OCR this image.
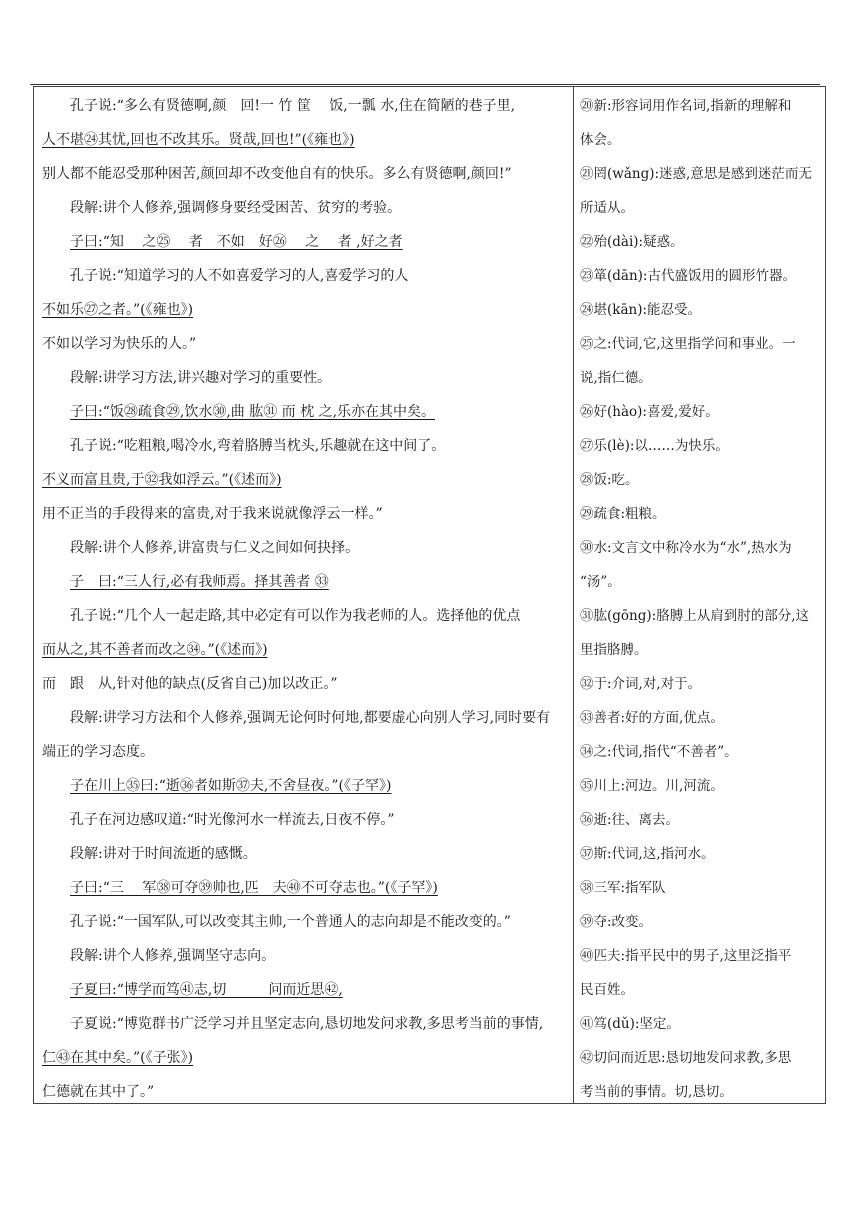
孔子说:“多么有贤德啊,颜　回!一 竹 筐　 饭,一瓢 水,住在简陋的巷子里,
人不堪㉔其忧,回也不改其乐。贤哉,回也!”(《雍也》)
别人都不能忍受那种困苦,颜回却不改变他自有的快乐。多么有贤德啊,颜回!”
段解:讲个人修养,强调修身要经受困苦、贫穷的考验。
子曰:“知　 之㉕　 者　不如　好㉖　 之　 者 ,好之者
孔子说:“知道学习的人不如喜爱学习的人,喜爱学习的人
不如乐㉗之者。”(《雍也》)
不如以学习为快乐的人。”
段解:讲学习方法,讲兴趣对学习的重要性。
子曰:“饭㉘疏食㉙,饮水㉚,曲 肱㉛ 而 枕 之,乐亦在其中矣。
孔子说:“吃粗粮,喝冷水,弯着胳膊当枕头,乐趣就在这中间了。
不义而富且贵,于㉜我如浮云。”(《述而》)
用不正当的手段得来的富贵,对于我来说就像浮云一样。”
段解:讲个人修养,讲富贵与仁义之间如何抉择。
子　曰:“三人行,必有我师焉。择其善者 ㉝
孔子说:“几个人一起走路,其中必定有可以作为我老师的人。选择他的优点
而从之,其不善者而改之㉞。”(《述而》)
而　跟　从,针对他的缺点(反省自己)加以改正。”
段解:讲学习方法和个人修养,强调无论何时何地,都要虚心向别人学习,同时要有
端正的学习态度。
子在川上㉟曰:“逝㊱者如斯㊲夫,不舍昼夜。”(《子罕》)
孔子在河边感叹道:“时光像河水一样流去,日夜不停。”
段解:讲对于时间流逝的感慨。
子曰:“三　 军㊳可夺㊴帅也,匹　夫㊵不可夺志也。”(《子罕》)
孔子说:“一国军队,可以改变其主帅,一个普通人的志向却是不能改变的。”
段解:讲个人修养,强调坚守志向。
子夏曰:“博学而笃㊶志,切　　　问而近思㊷,
子夏说:“博览群书广泛学习并且坚定志向,恳切地发问求教,多思考当前的事情,
仁㊸在其中矣。”(《子张》)
仁德就在其中了。”
⑳新:形容词用作名词,指新的理解和
体会。
㉑罔(wǎng):迷惑,意思是感到迷茫而无
所适从。
㉒殆(dài):疑惑。
㉓箪(dān):古代盛饭用的圆形竹器。
㉔堪(kān):能忍受。
㉕之:代词,它,这里指学问和事业。一
说,指仁德。
㉖好(hào):喜爱,爱好。
㉗乐(lè):以……为快乐。
㉘饭:吃。
㉙疏食:粗粮。
㉚水:文言文中称冷水为“水”,热水为
“汤”。
㉛肱(gōng):胳膊上从肩到肘的部分,这
里指胳膊。
㉜于:介词,对,对于。
㉝善者:好的方面,优点。
㉞之:代词,指代“不善者”。
㉟川上:河边。川,河流。
㊱逝:往、离去。
㊲斯:代词,这,指河水。
㊳三军:指军队
㊴夺:改变。
㊵匹夫:指平民中的男子,这里泛指平
民百姓。
㊶笃(dǔ):坚定。
㊷切问而近思:恳切地发问求教,多思
考当前的事情。切,恳切。
